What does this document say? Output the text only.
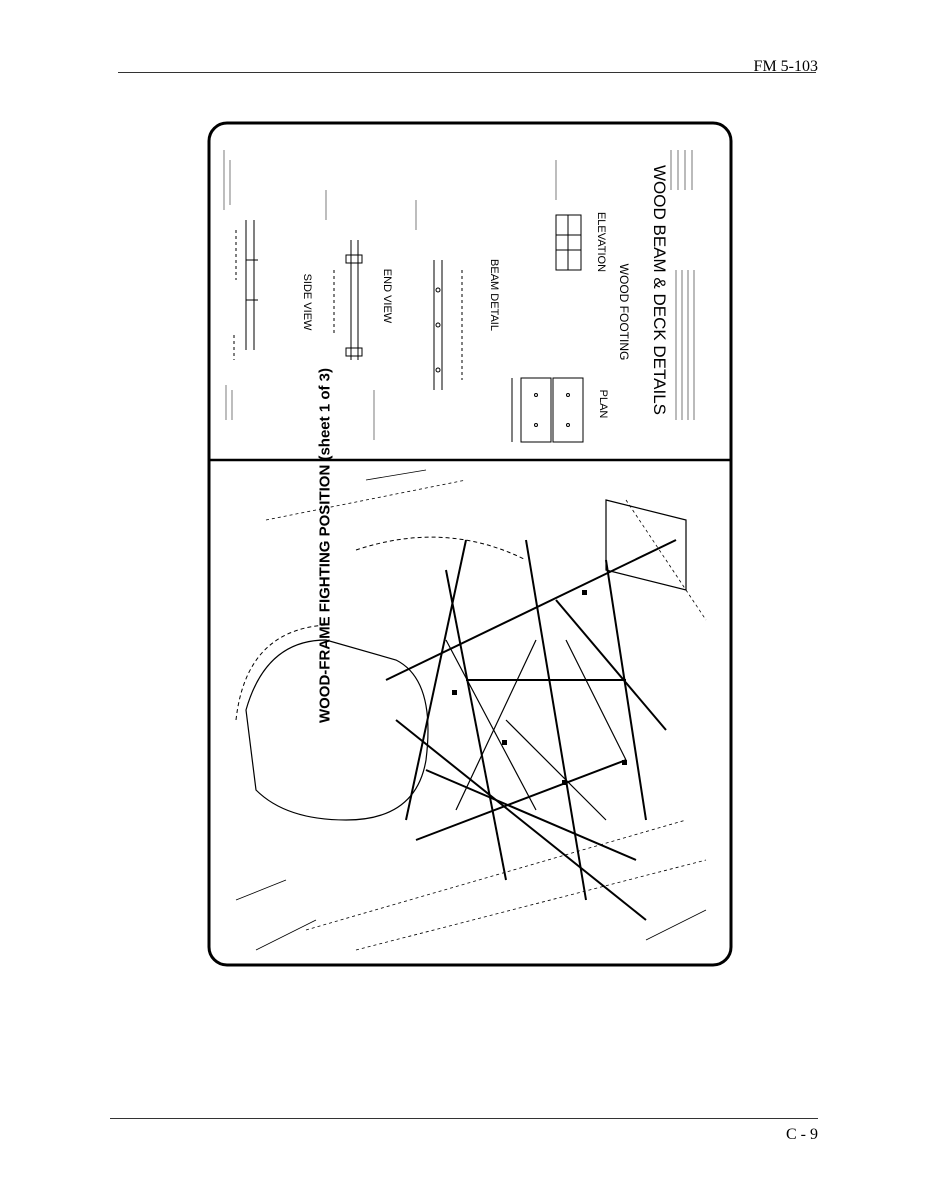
FM 5-103
WOOD-FRAME FIGHTING POSITION (sheet 1 of 3)
SIDE VIEW	END VIEW	BEAM DETAIL
PLAN
ELEVATION
WOOD FOOTING WOOD BEAM & DECK DETAILS
C - 9
